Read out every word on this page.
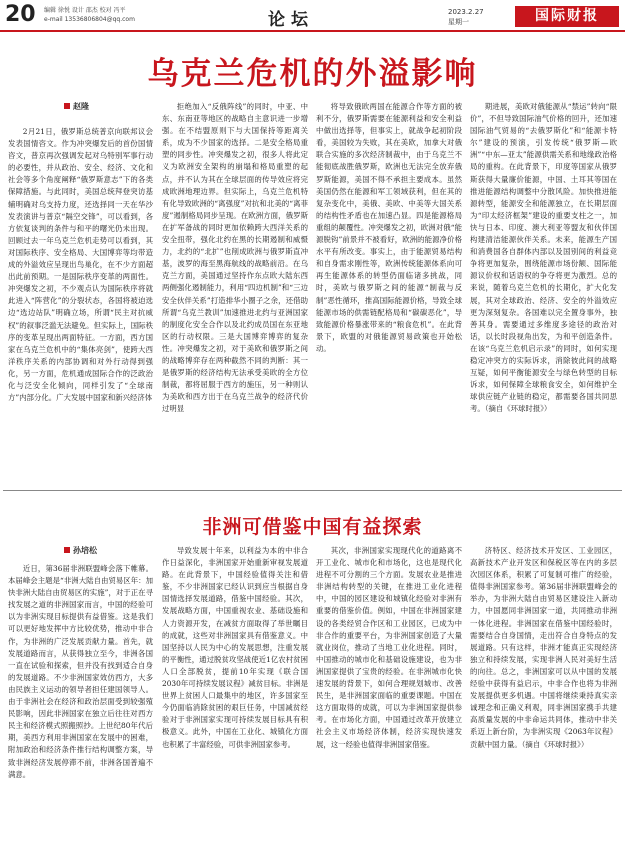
20 编辑 徐悦 设计 邵杰 校对 冯平
e-mail 13536806804@qq.com	论坛	2023.2.27
星期一	国际财报
乌克兰危机的外溢影响
赵隆

2月21日，俄罗斯总统普京向联邦议会发表国情咨文。作为冲突爆发后的首份国情咨文，普京再次强调发起对乌特别军事行动的必要性，并从政治、安全、经济、文化和社会等多个角度阐释“俄罗斯意志”下的各类保障措施。与此同时，美国总统拜登突访基辅明确对乌支持力度，还选择同一天在华沙发表演讲与普京“隔空交锋”，可以看到，各方依复谈判的条件与和平的曙光仍未出现。回顾过去一年乌克兰危机走势可以看到，其对国际秩序、安全格局、大国博弈等均带造成的外溢效应呈现出鸟巢化，在不少方面超出此前预期。一是国际秩序变革的两面性。冲突爆发之初，不少观点认为国际秩序将就此进入“阵营化”的分裂状态，各国将被迫选边“选边站队”明确立场，所谓“民主对抗威权”的叙事泛滥无法避免。但实际上，国际秩序的变革呈现出两面特征。一方面，西方国家在乌克兰危机中的“集体亮剑”，使跨大西洋秩序关系的内部协调和对外行动得到强化，另一方面，危机通成国际合作的泛政治化与泛安全化倾向，同样引发了“全球南方”内部分化。广大发展中国家和新兴经济体

拒绝加入“反俄阵线”的同时，中亚、中东、东南亚等地区的战略自主意识进一步增强。在不结盟原则下与大国保持等距离关系，成为不少国家的选择。二是安全格局重塑的同步性。冲突爆发之初，很多人将此定义为欧洲安全架构的崩塌和格局重塑的起点，并不认为其在全球层面的传导效应将完成欧洲地理边界。但实际上，乌克兰危机特有化导致欧洲的“离强度”对抗和北美的“离菲度”遏制格局同步呈现。在欧洲方面，俄罗斯在扩军备战的同时更加依赖跨大西洋关系的安全扭带，强化北约在黑的长期遏制和威慑力，北约的“北扩”也削成欧洲与俄罗斯直冲基，波罗的海至黑海航线的战略前沿。在乌克兰方面，美国通过坚持作东点欧大陆东西两侧强化遏制能力，利用“四边机制”和“三边安全伙伴关系”打造排华小圈子之余，还借助所谓“乌克兰教训”加速推进北约与亚洲国家的制度化安全合作以及北约成员国在东亚地区的行动权限。三是大国博弈博弈的复杂性。冲突爆发之初，对于美欧和俄罗斯之间的战略博弈存在两种截然不同的判断：其一是俄罗斯的经济结构无法承受美欧的全方位制裁，都将屈服于西方的施压，另一种则认为美欧和西方出于在乌克兰战争的经济代价过明显

将导致俄欧两国在能源合作等方面的被利不分，俄罗斯需要在能源利益和安全利益中做出选择等，但事实上，就战争起初阶段看，美国较为失败，其在美欧，加拿大对俄联合实施的多次经济制裁中，由于乌克兰不能彻底战胜俄罗斯，欧洲也无法完全放弃俄罗斯能源，美国不得不承担主要成本。虽然美国仍然在能源和军工领域获利，但在其的复杂变化中，美俄、美欧、中美等大国关系的结构性矛盾也在加速凸显。四是能源格局重组的颠覆性。冲突爆发之初，欧洲对俄“能源脱钩”前景并不被看好，欧洲的能源净价格水平有所改变。事实上，由于能源贸易结构和自身需求刚性等，欧洲传统能源体系向可再生能源体系的转型仍面临诸多挑战，同时，美欧与俄罗斯之间的能源“制裁与反制”恶性循环，推高国际能源价格，导致全球能源市场的供需链配格局和“碳碳恶化”，导致能源价格暴涨带来的“粮食危机”。在此背景下，欧盟的对俄能源贸易政策也开始松动。

期进展，美欧对俄能源从“禁运”转向“限价”，不但导致国际油气价格的回升，还加速国际油气贸易的“去俄罗斯化”和“能源卡特尔”建设的预演，引发传统“俄罗斯—欧洲”“中东—亚太”能源供需关系和地缘政治格局的重构。在此背景下，印度等国家从俄罗斯获得大量廉价能源，中国、土耳其等国在推进能源结构调整中分散风险。加快推进能源转型，能源安全和能源独立，在长期层面为“印太经济框架”建设的重要支柱之一，加快与日本、印度、澳大利亚等盟友和伙伴国构建清洁能源伙伴关系。未来，能源生产国和消费国各自群体内部以及国别间的利益竞争将更加复杂，围绕能源市场份额、国际能源议价权和话语权的争夺将更为激烈。总的来说，随着乌克兰危机的长期化，扩大化发展，其对全球政治、经济、安全的外溢效应更为深刻复杂。各国难以完全置身事外，独善其身。需要通过多维度多途径的政治对话，以长时段视角出发，为和平创造条件。在该“乌克兰危机启示录”的同时，如何实现稳定冲突方的实际诉求，消除彼此间的战略互疑，如何平衡能源安全与绿色转型的目标诉求，如何保障全球粮食安全，如何维护全球供应链产业链的稳定，都需要各国共同思考。（摘自《环球时报》）

非洲可借鉴中国有益探索
孙培松

近日，第36届非洲联盟峰会落下帷幕。本届峰会主题是“非洲大陆自由贸易区年：加快非洲大陆自由贸易区的实施”，对于正在寻找发展之道的非洲国家而言，中国的经验可以为非洲实现目标提供有益借鉴。这是我们可以更好地发挥中方比较优势，推动中非合作，为非洲的广泛发展贡献力量。首先，就发展道路而言，从获得独立至今，非洲各国一直在试验和探索，但并没有找到适合自身的发展道路。不少非洲国家效仿西方，大多由民族主义运动的领导者担任建国领导人。由于非洲社会在经济和政治层面受到较强殖民影响，因此非洲国家在独立后往往对西方民主和经济模式照搬照抄。上世纪80年代后期，美西方利用非洲国家在发展中的困难，附加政治和经济条件推行结构调整方案，导致非洲经济发展停滞不前，非洲各国普遍不满意。

导致发展十年来，以利益为本的中非合作日益深化，非洲国家开始重新审视发展道路。在此背景下，中国经验值得关注和借鉴，不少非洲国家已经认识到应当根据自身国情选择发展道路，借鉴中国经验。其次，发展战略方面，中国重视农业、基础设施和人力资源开发，在减贫方面取得了举世瞩目的成就，这些对非洲国家具有借鉴意义。中国坚持以人民为中心的发展思想，注重发展的平衡性，通过脱贫攻坚战使近1亿农村贫困人口全部脱贫，提前10年实现《联合国2030年可持续发展议程》减贫目标。非洲是世界上贫困人口最集中的地区，许多国家至今仍面临消除贫困的艰巨任务，中国减贫经验对于非洲国家实现可持续发展目标具有积极意义。此外，中国在工业化、城镇化方面也积累了丰富经验，可供非洲国家参考。

其次，非洲国家实现现代化的道路离不开工业化、城市化和市场化，这也是现代化进程不可分割的三个方面。发展农业是推进非洲结构转型的关键，在推进工业化进程中，中国的园区建设和城镇化经验对非洲有重要的借鉴价值。例如，中国在非洲国家建设的各类经贸合作区和工业园区，已成为中非合作的重要平台，为非洲国家创造了大量就业岗位，推动了当地工业化进程。同时，中国推动的城市化和基础设施建设，也为非洲国家提供了宝贵的经验。在非洲城市化快速发展的背景下，如何合理规划城市、改善民生，是非洲国家面临的重要课题。中国在这方面取得的成就，可以为非洲国家提供参考。在市场化方面，中国通过改革开放建立社会主义市场经济体制，经济实现快速发展，这一经验也值得非洲国家借鉴。

济特区、经济技术开发区、工业园区，高新技术产业开发区和保税区等在内的多层次园区体系，积累了可复制可推广的经验，值得非洲国家参考。第36届非洲联盟峰会的举办，为非洲大陆自由贸易区建设注入新动力，中国愿同非洲国家一道，共同推动非洲一体化进程。非洲国家在借鉴中国经验时，需要结合自身国情，走出符合自身特点的发展道路。只有这样，非洲才能真正实现经济独立和持续发展，实现非洲人民对美好生活的向往。总之，非洲国家可以从中国的发展经验中获得有益启示，中非合作也将为非洲发展提供更多机遇。中国将继续秉持真实亲诚理念和正确义利观，同非洲国家携手共建高质量发展的中非命运共同体，推动中非关系迈上新台阶，为非洲实现《2063年议程》贡献中国力量。（摘自《环球时报》）
